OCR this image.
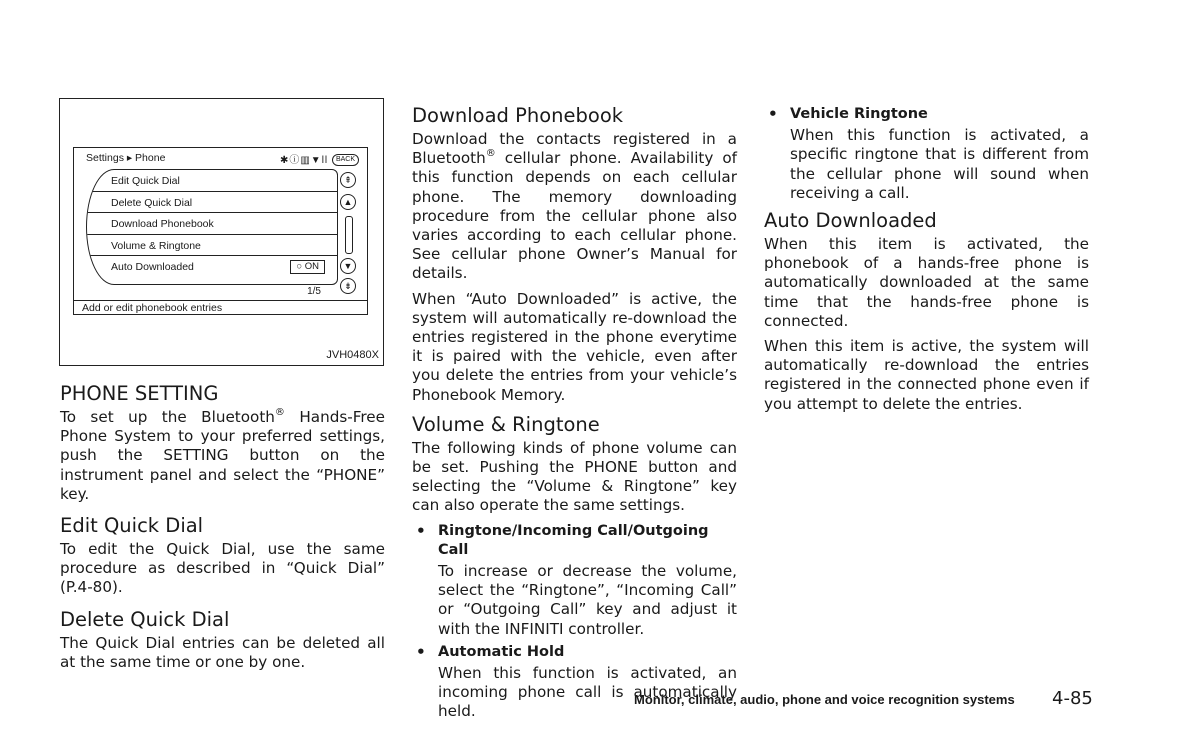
Settings ▸ Phone	✱ⓘ▥▼ll BACK
Edit Quick Dial
Delete Quick Dial
Download Phonebook
Volume & Ringtone
Auto Downloaded	○ ON
⇞
▲
▼
⇟
1/5
Add or edit phonebook entries
JVH0480X
PHONE SETTING

To set up the Bluetooth® Hands-Free Phone System to your preferred settings, push the SETTING button on the instrument panel and select the “PHONE” key.

Edit Quick Dial

To edit the Quick Dial, use the same procedure as described in “Quick Dial” (P.4-80).

Delete Quick Dial

The Quick Dial entries can be deleted all at the same time or one by one.

Download Phonebook

Download the contacts registered in a Bluetooth® cellular phone. Availability of this function depends on each cellular phone. The memory downloading procedure from the cellular phone also varies according to each cellular phone. See cellular phone Owner’s Manual for details.

When “Auto Downloaded” is active, the system will automatically re-download the entries registered in the phone everytime it is paired with the vehicle, even after you delete the entries from your vehicle’s Phonebook Memory.

Volume & Ringtone

The following kinds of phone volume can be set. Pushing the PHONE button and selecting the “Volume & Ringtone” key can also operate the same settings.

• Ringtone/Incoming Call/Outgoing Call

To increase or decrease the volume, select the “Ringtone”, “Incoming Call” or “Outgoing Call” key and adjust it with the INFINITI controller.

• Automatic Hold

When this function is activated, an incoming phone call is automatically held.

• Vehicle Ringtone

When this function is activated, a specific ringtone that is different from the cellular phone will sound when receiving a call.

Auto Downloaded

When this item is activated, the phonebook of a hands-free phone is automatically downloaded at the same time that the hands-free phone is connected.

When this item is active, the system will automatically re-download the entries registered in the connected phone even if you attempt to delete the entries.

Monitor, climate, audio, phone and voice recognition systems 4-85
